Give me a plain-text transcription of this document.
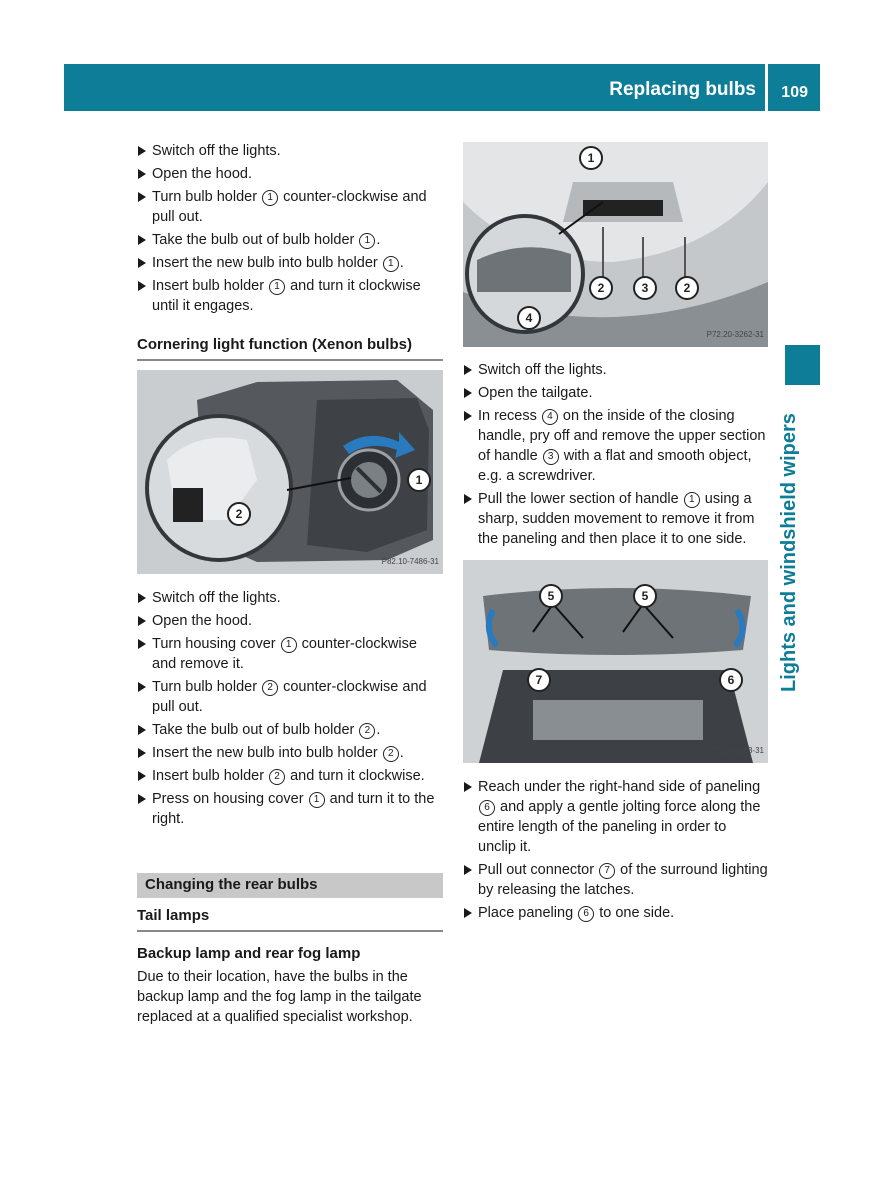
Replacing bulbs 109
Lights and windshield wipers
Switch off the lights.
Open the hood.
Turn bulb holder 1 counter-clockwise and pull out.
Take the bulb out of bulb holder 1 .
Insert the new bulb into bulb holder 1 .
Insert bulb holder 1 and turn it clockwise until it engages.
Cornering light function (Xenon bulbs)
1
2
P82.10-7486-31
Switch off the lights.
Open the hood.
Turn housing cover 1 counter-clockwise and remove it.
Turn bulb holder 2 counter-clockwise and pull out.
Take the bulb out of bulb holder 2 .
Insert the new bulb into bulb holder 2 .
Insert bulb holder 2 and turn it clockwise.
Press on housing cover 1 and turn it to the right.
Changing the rear bulbs
Tail lamps
Backup lamp and rear fog lamp

Due to their location, have the bulbs in the backup lamp and the fog lamp in the tailgate replaced at a qualified specialist workshop.

1
2	3	2
4
P72.20-3262-31
Switch off the lights.
Open the tailgate.
In recess 4 on the inside of the closing handle, pry off and remove the upper section of handle 3 with a flat and smooth object, e.g. a screwdriver.
Pull the lower section of handle 1 using a sharp, sudden movement to remove it from the paneling and then place it to one side.
5	5
7	6
P72.20-3263-31
Reach under the right-hand side of paneling 6 and apply a gentle jolting force along the entire length of the paneling in order to unclip it.
Pull out connector 7 of the surround lighting by releasing the latches.
Place paneling 6 to one side.
